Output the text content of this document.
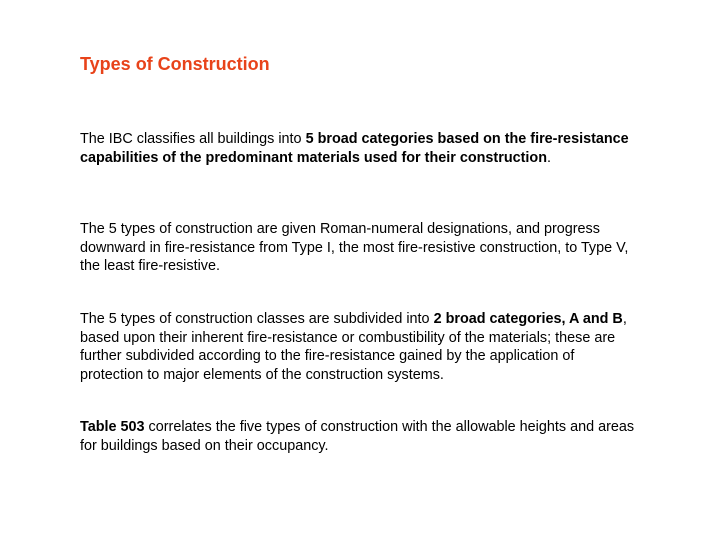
Types of Construction

The IBC classifies all buildings into 5 broad categories based on the fire-resistance capabilities of the predominant materials used for their construction.

The 5 types of construction are given Roman-numeral designations, and progress downward in fire-resistance from Type I, the most fire-resistive construction, to Type V, the least fire-resistive.

The 5 types of construction classes are subdivided into 2 broad categories, A and B, based upon their inherent fire-resistance or combustibility of the materials; these are further subdivided according to the fire-resistance gained by the application of protection to major elements of the construction systems.

Table 503 correlates the five types of construction with the allowable heights and areas for buildings based on their occupancy.
